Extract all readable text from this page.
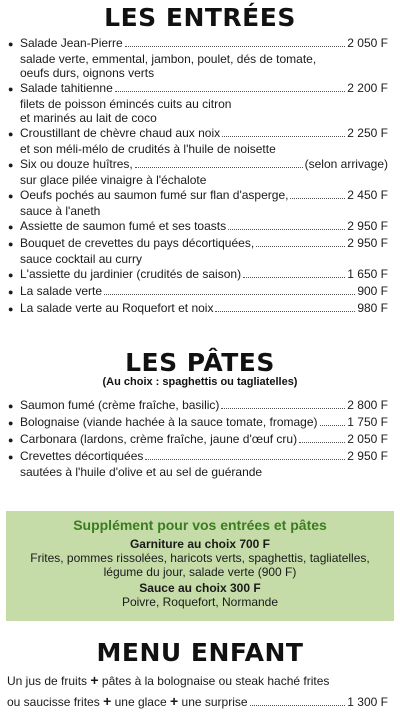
LES ENTRÉES
● Salade Jean-Pierre	2 050 F
salade verte, emmental, jambon, poulet, dés de tomate,
oeufs durs, oignons verts
● Salade tahitienne	2 200 F
filets de poisson émincés cuits au citron
et marinés au lait de coco
● Croustillant de chèvre chaud aux noix	2 250 F
et son méli-mélo de crudités à l'huile de noisette
● Six ou douze huîtres,	(selon arrivage)
sur glace pilée vinaigre à l'échalote
● Oeufs pochés au saumon fumé sur flan d'asperge,	2 450 F
sauce à l'aneth
● Assiette de saumon fumé et ses toasts	2 950 F
● Bouquet de crevettes du pays décortiquées,	2 950 F
sauce cocktail au curry
● L'assiette du jardinier (crudités de saison)	1 650 F
● La salade verte	900 F
● La salade verte au Roquefort et noix	980 F
LES PÂTES
(Au choix : spaghettis ou tagliatelles)
● Saumon fumé (crème fraîche, basilic)	2 800 F
● Bolognaise (viande hachée à la sauce tomate, fromage) 1 750 F
● Carbonara (lardons, crème fraîche, jaune d'œuf cru)	2 050 F
● Crevettes décortiquées	2 950 F
sautées à l'huile d'olive et au sel de guérande
Supplément pour vos entrées et pâtes
Garniture au choix 700 F
Frites, pommes rissolées, haricots verts, spaghettis, tagliatelles,
légume du jour, salade verte (900 F)
Sauce au choix 300 F
Poivre, Roquefort, Normande
MENU ENFANT
Un jus de fruits + pâtes à la bolognaise ou steak haché frites
ou saucisse frites + une glace + une surprise	1 300 F
